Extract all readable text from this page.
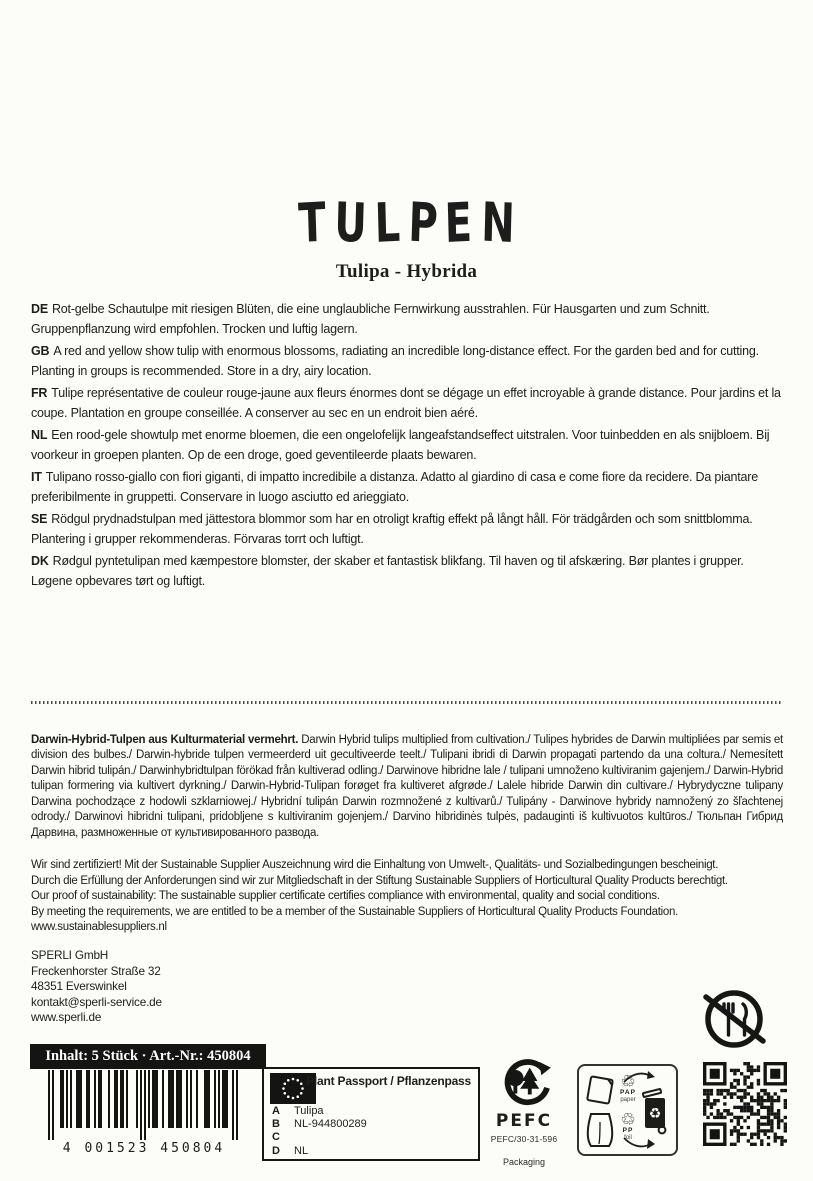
T U L P E N
Tulipa - Hybrida

DE Rot-gelbe Schautulpe mit riesigen Blüten, die eine unglaubliche Fernwirkung ausstrahlen. Für Hausgarten und zum Schnitt. Gruppenpflanzung wird empfohlen. Trocken und luftig lagern.

GB A red and yellow show tulip with enormous blossoms, radiating an incredible long-distance effect. For the garden bed and for cutting. Planting in groups is recommended. Store in a dry, airy location.

FR Tulipe représentative de couleur rouge-jaune aux fleurs énormes dont se dégage un effet incroyable à grande distance. Pour jardins et la coupe. Plantation en groupe conseillée. A conserver au sec en un endroit bien aéré.

NL Een rood-gele showtulp met enorme bloemen, die een ongelofelijk langeafstandseffect uitstralen. Voor tuinbedden en als snijbloem. Bij voorkeur in groepen planten. Op de een droge, goed geventileerde plaats bewaren.

IT Tulipano rosso-giallo con fiori giganti, di impatto incredibile a distanza. Adatto al giardino di casa e come fiore da recidere. Da piantare preferibilmente in gruppetti. Conservare in luogo asciutto ed arieggiato.

SE Rödgul prydnadstulpan med jättestora blommor som har en otroligt kraftig effekt på långt håll. För trädgården och som snittblomma. Plantering i grupper rekommenderas. Förvaras torrt och luftigt.

DK Rødgul pyntetulipan med kæmpestore blomster, der skaber et fantastisk blikfang. Til haven og til afskæring. Bør plantes i grupper. Løgene opbevares tørt og luftigt.

Darwin-Hybrid-Tulpen aus Kulturmaterial vermehrt. Darwin Hybrid tulips multiplied from cultivation./ Tulipes hybrides de Darwin multipliées par semis et division des bulbes./ Darwin-hybride tulpen vermeerderd uit gecultiveerde teelt./ Tulipani ibridi di Darwin propagati partendo da una coltura./ Nemesített Darwin hibrid tulipán./ Darwinhybridtulpan förökad från kultiverad odling./ Darwinove hibridne lale / tulipani umnoženo kultiviranim gajenjem./ Darwin-Hybrid tulipan formering via kultivert dyrkning./ Darwin-Hybrid-Tulipan forøget fra kultiveret afgrøde./ Lalele hibride Darwin din cultivare./ Hybrydyczne tulipany Darwina pochodzące z hodowli szklarniowej./ Hybridní tulipán Darwin rozmnožené z kultivarů./ Tulipány - Darwinove hybridy namnožený zo šľachtenej odrody./ Darwinovi hibridni tulipani, pridobljene s kultiviranim gojenjem./ Darvino hibridinės tulpės, padauginti iš kultivuotos kultūros./ Тюльпан Гибрид Дарвина, размноженные от культивированного развода.

Wir sind zertifiziert! Mit der Sustainable Supplier Auszeichnung wird die Einhaltung von Umwelt-, Qualitäts- und Sozialbedingungen bescheinigt.
Durch die Erfüllung der Anforderungen sind wir zur Mitgliedschaft in der Stiftung Sustainable Suppliers of Horticultural Quality Products berechtigt.
Our proof of sustainability: The sustainable supplier certificate certifies compliance with environmental, quality and social conditions.
By meeting the requirements, we are entitled to be a member of the Sustainable Suppliers of Horticultural Quality Products Foundation.
www.sustainablesuppliers.nl
SPERLI GmbH
Freckenhorster Straße 32
48351 Everswinkel
kontakt@sperli-service.de
www.sperli.de
Inhalt: 5 Stück · Art.-Nr.: 450804
4 001523 450804
Plant Passport / Pflanzenpass
A	Tulipa
B	NL-944800289
C
D	NL
PEFC
PEFC/30-31-596
Packaging
♲
PAP
paper
♲
PP
foil
♻
